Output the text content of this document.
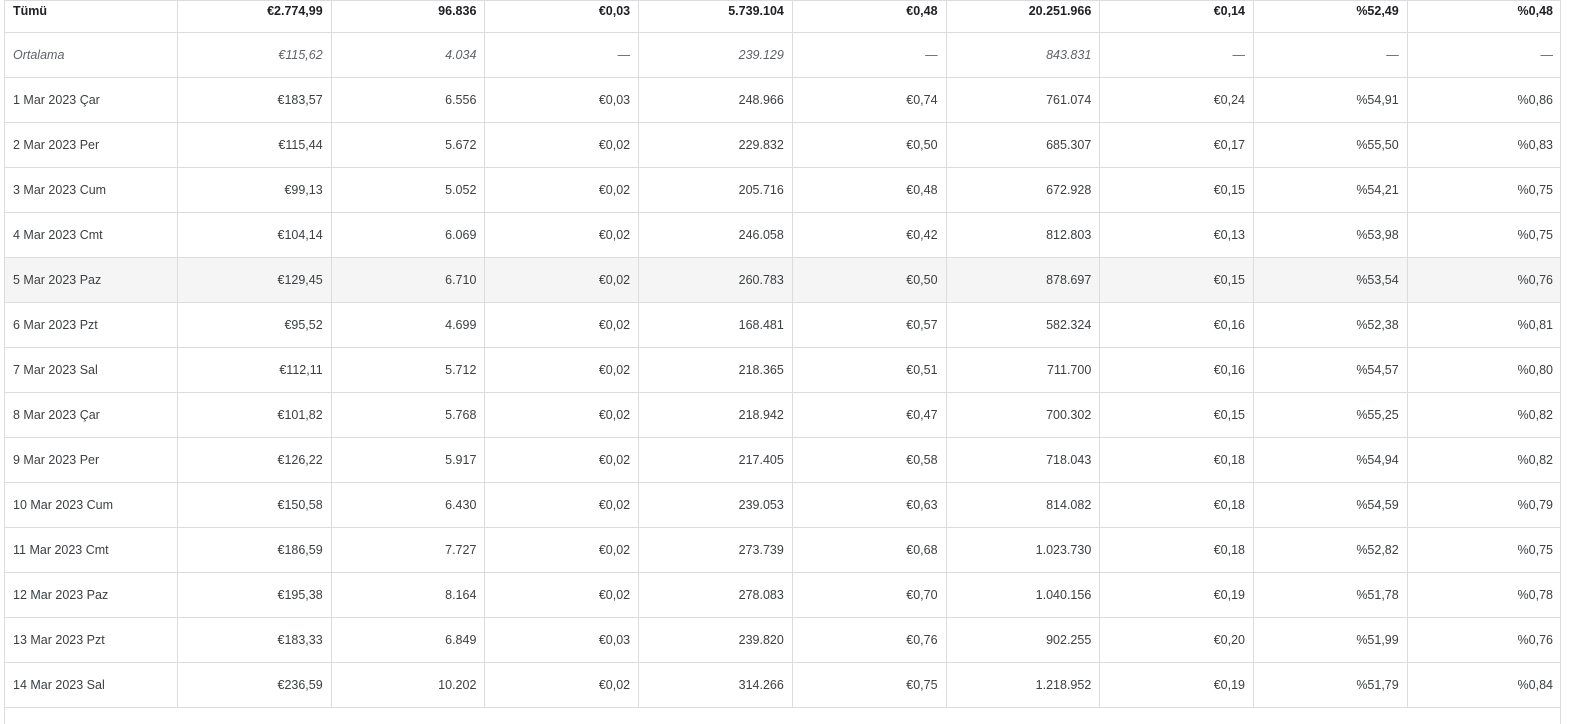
Tümü	€2.774,99	96.836	€0,03	5.739.104	€0,48	20.251.966	€0,14	%52,49	%0,48
Ortalama	€115,62	4.034	—	239.129	—	843.831	—	—	—
1 Mar 2023 Çar	€183,57	6.556	€0,03	248.966	€0,74	761.074	€0,24	%54,91	%0,86
2 Mar 2023 Per	€115,44	5.672	€0,02	229.832	€0,50	685.307	€0,17	%55,50	%0,83
3 Mar 2023 Cum	€99,13	5.052	€0,02	205.716	€0,48	672.928	€0,15	%54,21	%0,75
4 Mar 2023 Cmt	€104,14	6.069	€0,02	246.058	€0,42	812.803	€0,13	%53,98	%0,75
5 Mar 2023 Paz	€129,45	6.710	€0,02	260.783	€0,50	878.697	€0,15	%53,54	%0,76
6 Mar 2023 Pzt	€95,52	4.699	€0,02	168.481	€0,57	582.324	€0,16	%52,38	%0,81
7 Mar 2023 Sal	€112,11	5.712	€0,02	218.365	€0,51	711.700	€0,16	%54,57	%0,80
8 Mar 2023 Çar	€101,82	5.768	€0,02	218.942	€0,47	700.302	€0,15	%55,25	%0,82
9 Mar 2023 Per	€126,22	5.917	€0,02	217.405	€0,58	718.043	€0,18	%54,94	%0,82
10 Mar 2023 Cum	€150,58	6.430	€0,02	239.053	€0,63	814.082	€0,18	%54,59	%0,79
11 Mar 2023 Cmt	€186,59	7.727	€0,02	273.739	€0,68	1.023.730	€0,18	%52,82	%0,75
12 Mar 2023 Paz	€195,38	8.164	€0,02	278.083	€0,70	1.040.156	€0,19	%51,78	%0,78
13 Mar 2023 Pzt	€183,33	6.849	€0,03	239.820	€0,76	902.255	€0,20	%51,99	%0,76
14 Mar 2023 Sal	€236,59	10.202	€0,02	314.266	€0,75	1.218.952	€0,19	%51,79	%0,84
